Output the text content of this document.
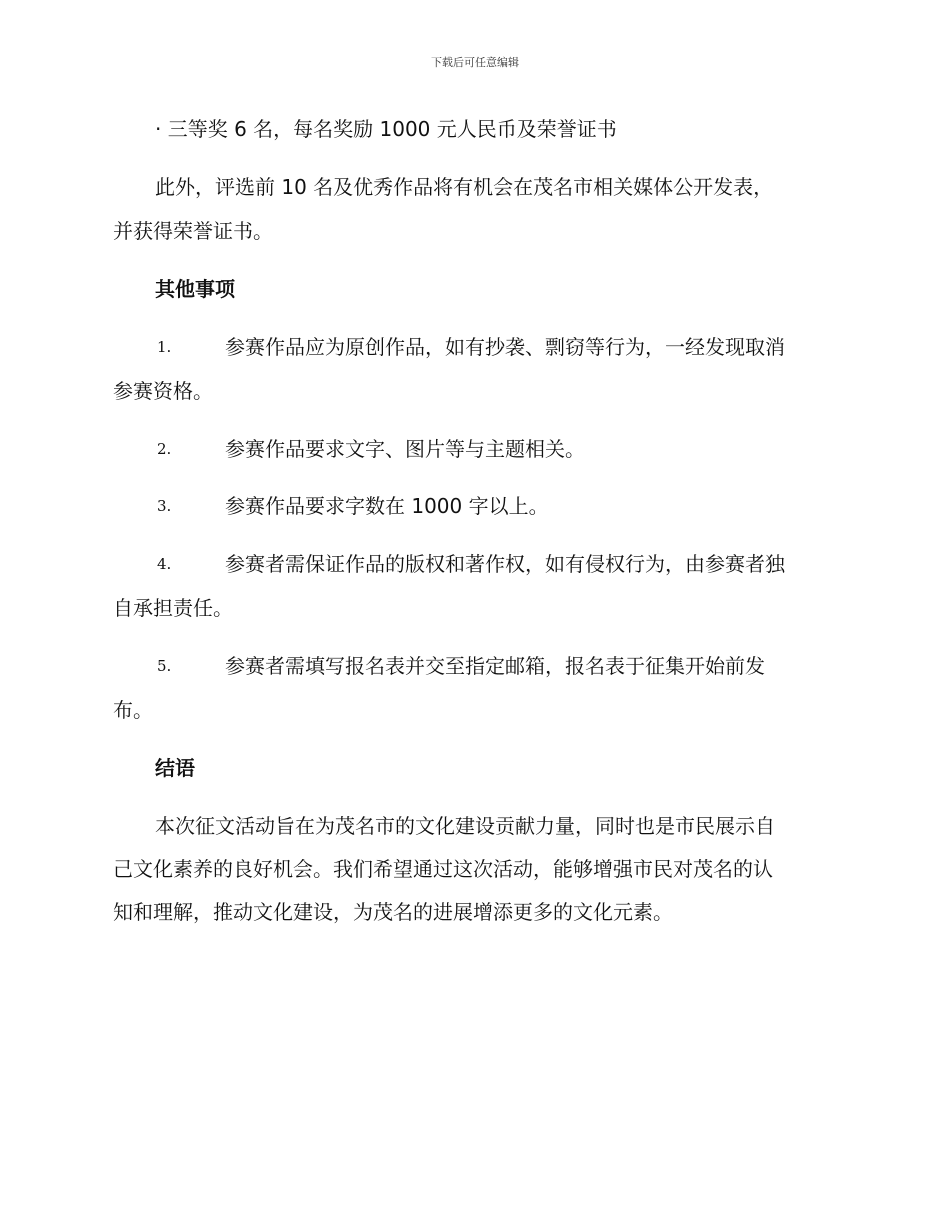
下载后可任意编辑
· 三等奖 6 名，每名奖励 1000 元人民币及荣誉证书
此外，评选前 10 名及优秀作品将有机会在茂名市相关媒体公开发表，
并获得荣誉证书。
其他事项
1.	参赛作品应为原创作品，如有抄袭、剽窃等行为，一经发现取消
参赛资格。
2.	参赛作品要求文字、图片等与主题相关。
3.	参赛作品要求字数在 1000 字以上。
4.	参赛者需保证作品的版权和著作权，如有侵权行为，由参赛者独
自承担责任。
5.	参赛者需填写报名表并交至指定邮箱，报名表于征集开始前发
布。
结语
本次征文活动旨在为茂名市的文化建设贡献力量，同时也是市民展示自
己文化素养的良好机会。我们希望通过这次活动，能够增强市民对茂名的认
知和理解，推动文化建设，为茂名的进展增添更多的文化元素。
